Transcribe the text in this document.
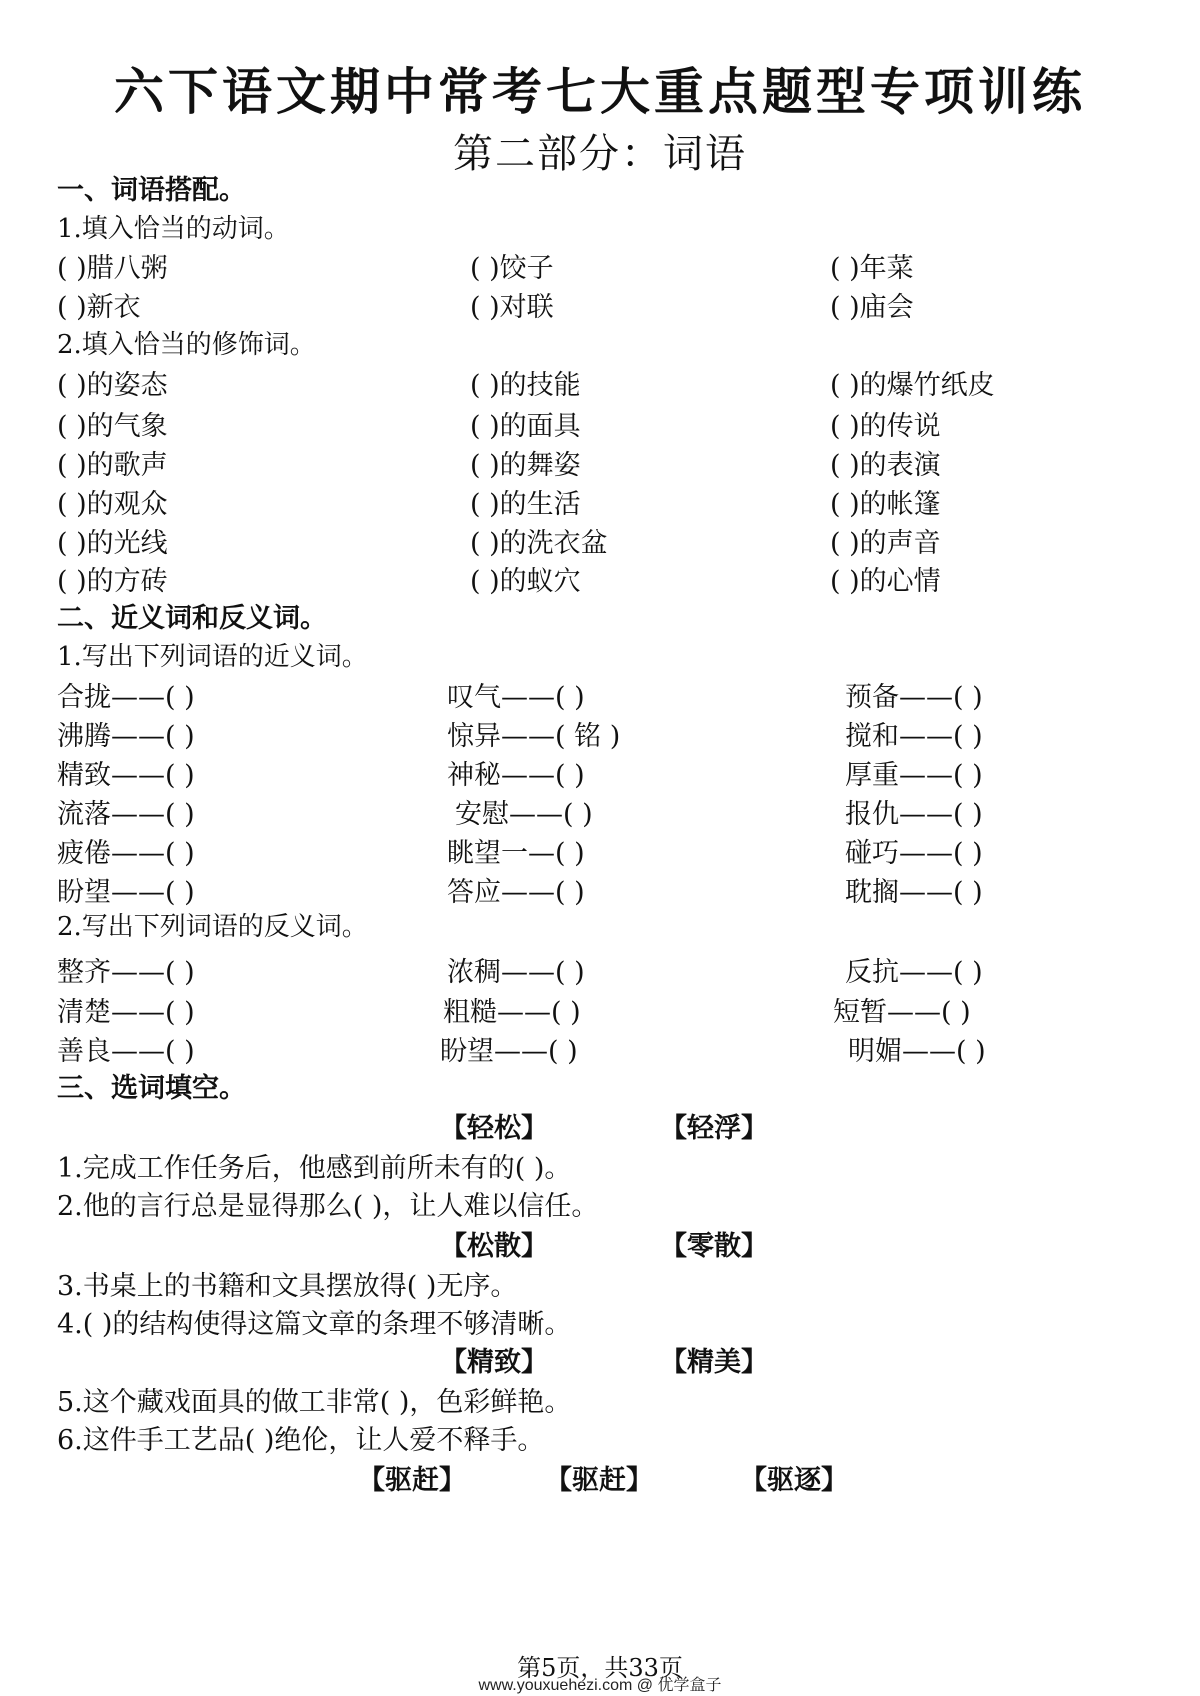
六下语文期中常考七大重点题型专项训练
第二部分：词语
一、词语搭配。
1.填入恰当的动词。
( )腊八粥	( )饺子	( )年菜
( )新衣	( )对联	( )庙会
2.填入恰当的修饰词。
( )的姿态	( )的技能	( )的爆竹纸皮
( )的气象	( )的面具	( )的传说
( )的歌声	( )的舞姿	( )的表演
( )的观众	( )的生活	( )的帐篷
( )的光线	( )的洗衣盆	( )的声音
( )的方砖	( )的蚁穴	( )的心情
二、近义词和反义词。
1.写出下列词语的近义词。
合拢——( )	叹气——( )	预备——( )
沸腾——( )	惊异——( 铭 )	搅和——( )
精致——( )	神秘——( )	厚重——( )
流落——( )	安慰——( )	报仇——( )
疲倦——( )	眺望一—( )	碰巧——( )
盼望——( )	答应——( )	耽搁——( )
2.写出下列词语的反义词。
整齐——( )	浓稠——( )	反抗——( )
清楚——( )	粗糙——( )	短暂——( )
善良——( )	盼望——( )	明媚——( )
三、选词填空。
【轻松】	【轻浮】
1.完成工作任务后，他感到前所未有的( )。
2.他的言行总是显得那么( )，让人难以信任。
【松散】	【零散】
3.书桌上的书籍和文具摆放得( )无序。
4.( )的结构使得这篇文章的条理不够清晰。
【精致】	【精美】
5.这个藏戏面具的做工非常( )，色彩鲜艳。
6.这件手工艺品( )绝伦，让人爱不释手。
【驱赶】	【驱赶】	【驱逐】
第5页，共33页
www.youxuehezi.com @ 优学盒子
